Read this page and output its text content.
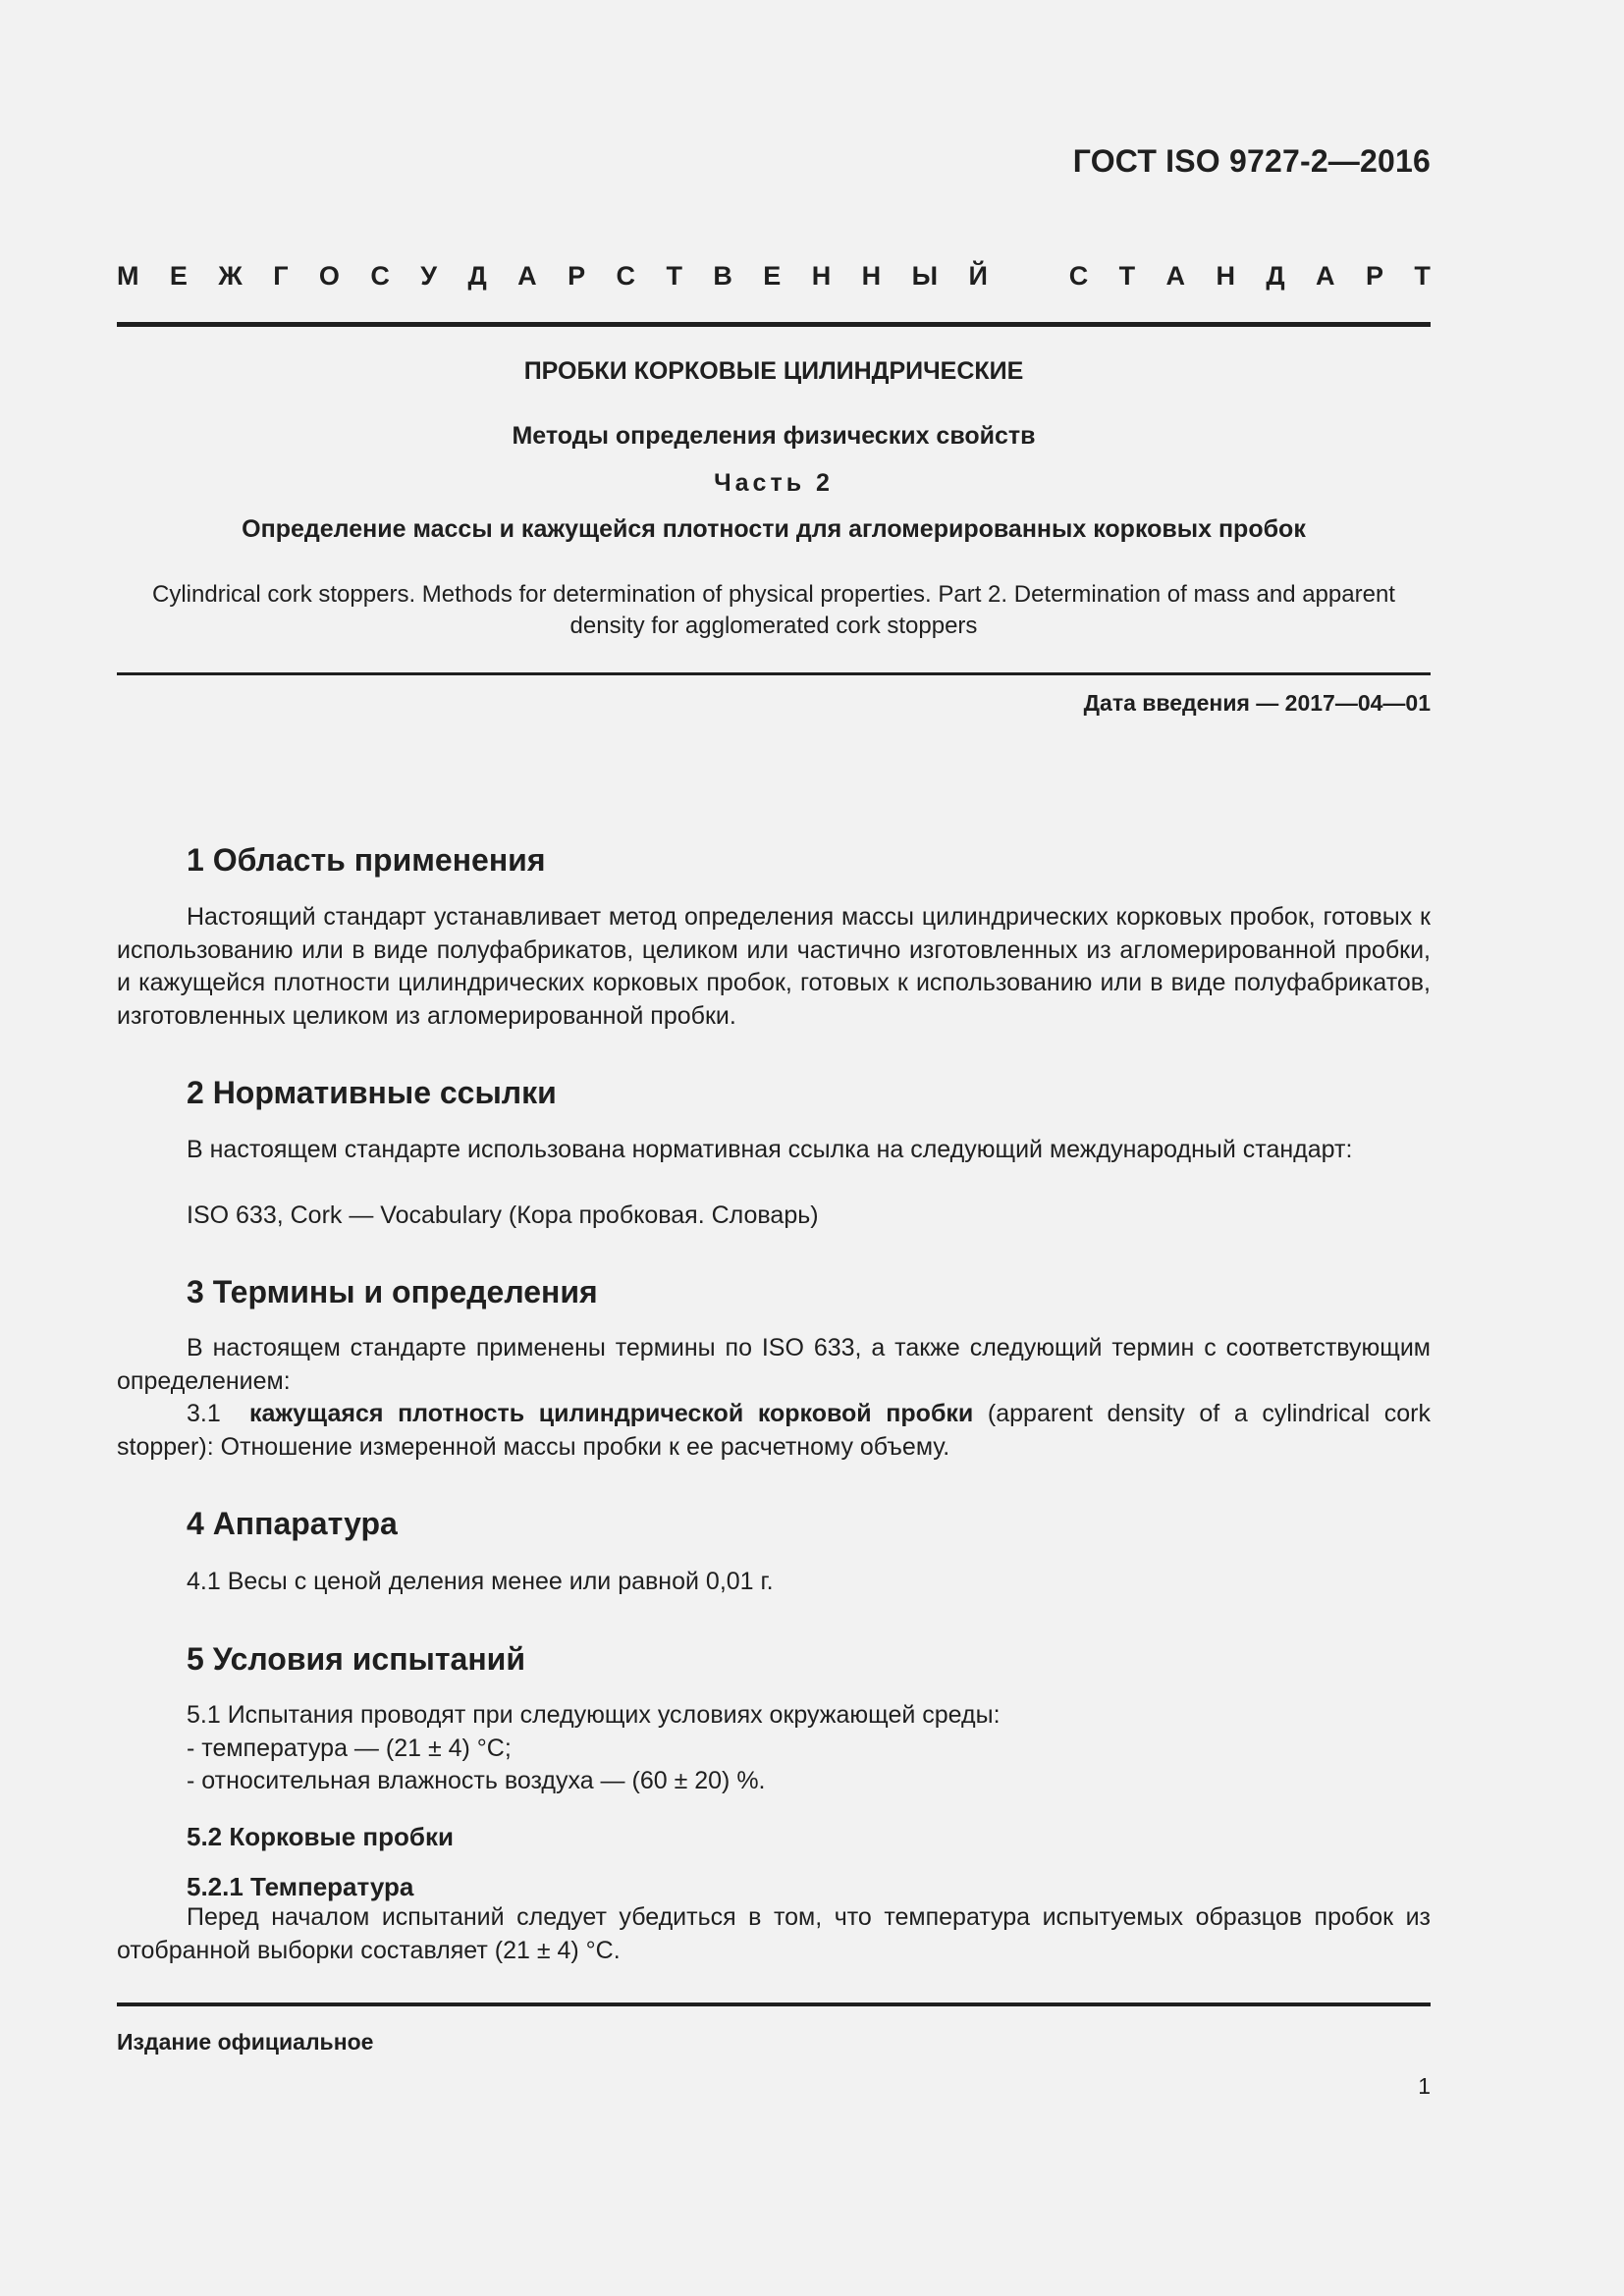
ГОСТ ISO 9727-2—2016
М Е Ж Г О С У Д А Р С Т В Е Н Н Ы Й	С Т А Н Д А Р Т
ПРОБКИ КОРКОВЫЕ ЦИЛИНДРИЧЕСКИЕ
Методы определения физических свойств
Часть 2
Определение массы и кажущейся плотности для агломерированных корковых пробок
Cylindrical cork stoppers. Methods for determination of physical properties. Part 2. Determination of mass and apparent density for agglomerated cork stoppers
Дата введения — 2017—04—01
1 Область применения

Настоящий стандарт устанавливает метод определения массы цилиндрических корковых пробок, готовых к использованию или в виде полуфабрикатов, целиком или частично изготовленных из агломерированной пробки, и кажущейся плотности цилиндрических корковых пробок, готовых к использованию или в виде полуфабрикатов, изготовленных целиком из агломерированной пробки.

2 Нормативные ссылки

В настоящем стандарте использована нормативная ссылка на следующий международный стандарт:

ISO 633, Cork — Vocabulary (Кора пробковая. Словарь)
3 Термины и определения

В настоящем стандарте применены термины по ISO 633, а также следующий термин с соответствующим определением:

3.1 кажущаяся плотность цилиндрической корковой пробки (apparent density of a cylindrical cork stopper): Отношение измеренной массы пробки к ее расчетному объему.

4 Аппаратура
4.1 Весы с ценой деления менее или равной 0,01 г.
5 Условия испытаний
5.1 Испытания проводят при следующих условиях окружающей среды:
- температура — (21 ± 4) °С;
- относительная влажность воздуха — (60 ± 20) %.
5.2 Корковые пробки
5.2.1 Температура

Перед началом испытаний следует убедиться в том, что температура испытуемых образцов пробок из отобранной выборки составляет (21 ± 4) °С.

Издание официальное
1
